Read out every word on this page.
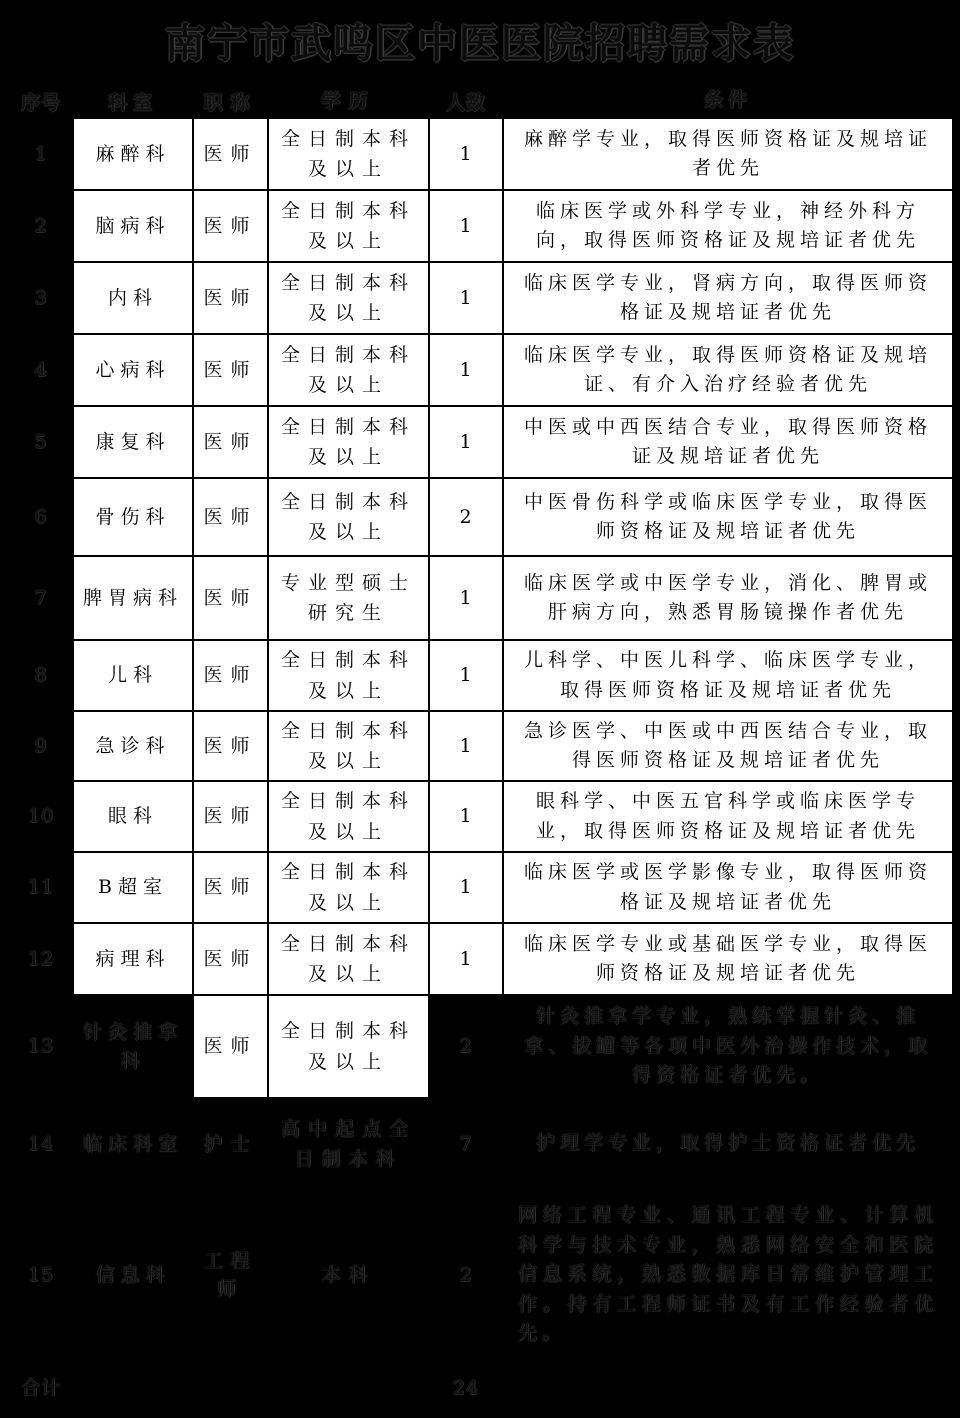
南宁市武鸣区中医医院招聘需求表
序号	科室	职称	学历	人数	条件
1	麻醉科	医师	全日制本科及以上	1	麻醉学专业，取得医师资格证及规培证者优先
2	脑病科	医师	全日制本科及以上	1	临床医学或外科学专业，神经外科方向，取得医师资格证及规培证者优先
3	内科	医师	全日制本科及以上	1	临床医学专业，肾病方向，取得医师资格证及规培证者优先
4	心病科	医师	全日制本科及以上	1	临床医学专业，取得医师资格证及规培证、有介入治疗经验者优先
5	康复科	医师	全日制本科及以上	1	中医或中西医结合专业，取得医师资格证及规培证者优先
6	骨伤科	医师	全日制本科及以上	2	中医骨伤科学或临床医学专业，取得医师资格证及规培证者优先
7	脾胃病科	医师	专业型硕士研究生	1	临床医学或中医学专业，消化、脾胃或肝病方向，熟悉胃肠镜操作者优先
8	儿科	医师	全日制本科及以上	1	儿科学、中医儿科学、临床医学专业，取得医师资格证及规培证者优先
9	急诊科	医师	全日制本科及以上	1	急诊医学、中医或中西医结合专业，取得医师资格证及规培证者优先
10	眼科	医师	全日制本科及以上	1	眼科学、中医五官科学或临床医学专业，取得医师资格证及规培证者优先
11	B超室	医师	全日制本科及以上	1	临床医学或医学影像专业，取得医师资格证及规培证者优先
12	病理科	医师	全日制本科及以上	1	临床医学专业或基础医学专业，取得医师资格证及规培证者优先
13	针灸推拿科	医师	全日制本科及以上	2	针灸推拿学专业，熟练掌握针灸、推拿、拔罐等各项中医外治操作技术，取得资格证者优先。
14	临床科室	护士	高中起点全日制本科	7	护理学专业，取得护士资格证者优先
15	信息科	工程师	本科	2	网络工程专业、通讯工程专业、计算机科学与技术专业，熟悉网络安全和医院信息系统，熟悉数据库日常维护管理工作。持有工程师证书及有工作经验者优先。
合计				24	
